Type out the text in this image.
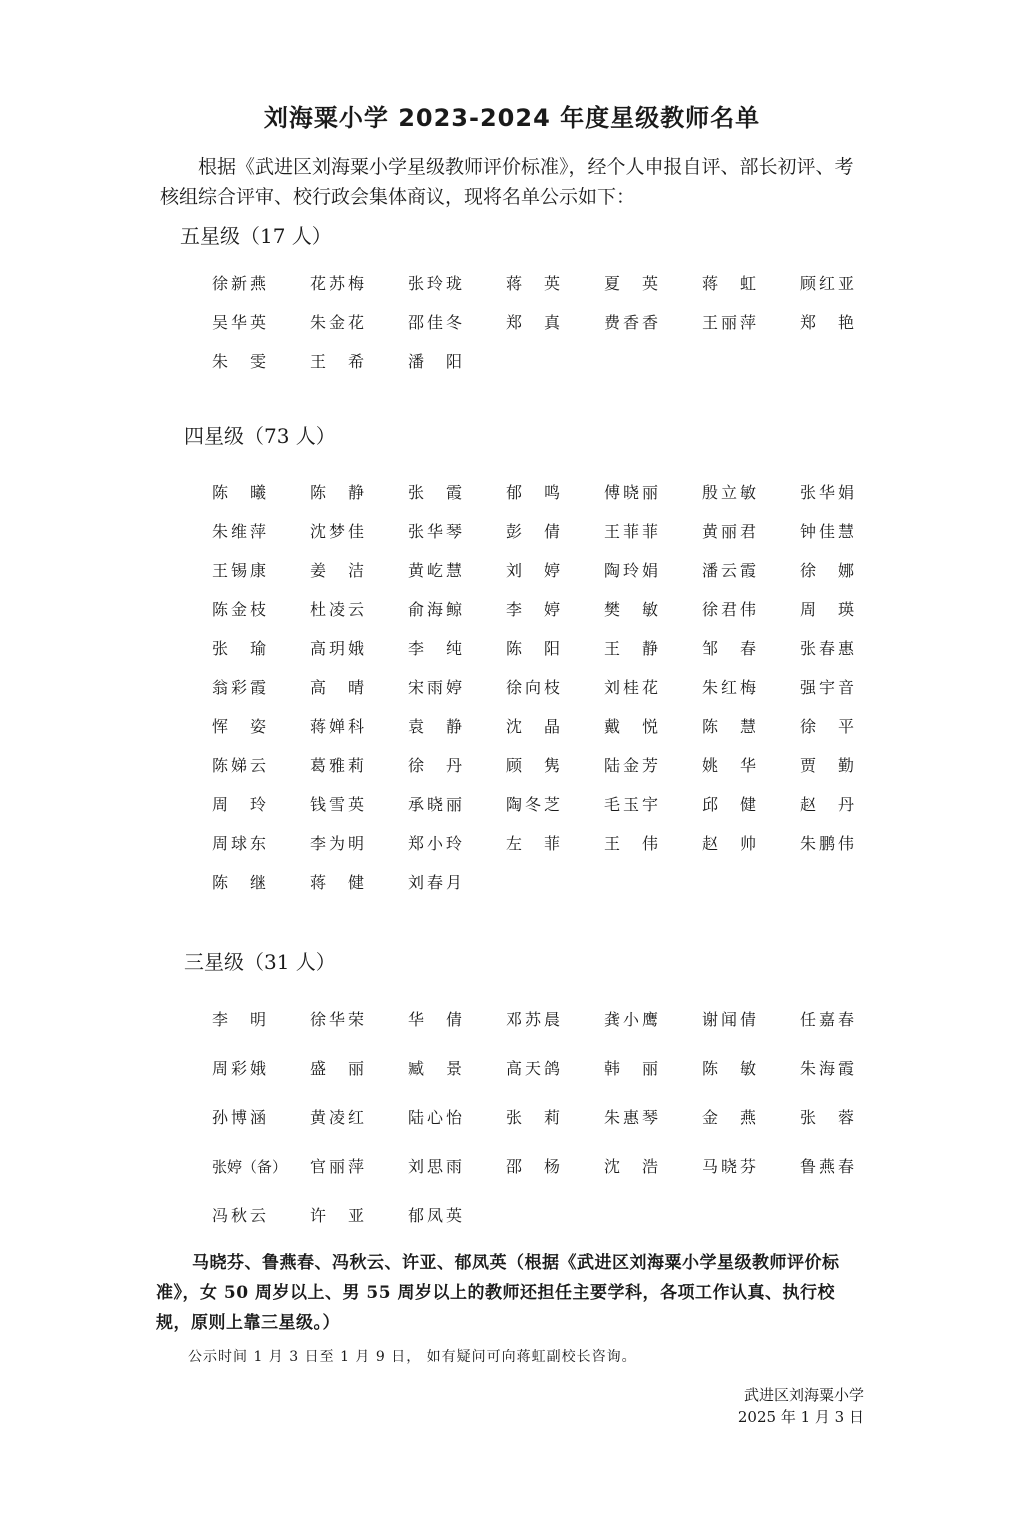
刘海粟小学 2023-2024 年度星级教师名单
根据《武进区刘海粟小学星级教师评价标准》，经个人申报自评、部长初评、考核组综合评审、校行政会集体商议，现将名单公示如下：
五星级（17 人）
徐新燕	花苏梅	张玲珑	蒋　英	夏　英	蒋　虹	顾红亚
吴华英	朱金花	邵佳冬	郑　真	费香香	王丽萍	郑　艳
朱　雯	王　希	潘　阳
四星级（73 人）
陈　曦	陈　静	张　霞	郁　鸣	傅晓丽	殷立敏	张华娟
朱维萍	沈梦佳	张华琴	彭　倩	王菲菲	黄丽君	钟佳慧
王锡康	姜　洁	黄屹慧	刘　婷	陶玲娟	潘云霞	徐　娜
陈金枝	杜凌云	俞海鲸	李　婷	樊　敏	徐君伟	周　瑛
张　瑜	高玥娥	李　纯	陈　阳	王　静	邹　春	张春惠
翁彩霞	高　晴	宋雨婷	徐向枝	刘桂花	朱红梅	强宇音
恽　姿	蒋婵科	袁　静	沈　晶	戴　悦	陈　慧	徐　平
陈娣云	葛雅莉	徐　丹	顾　隽	陆金芳	姚　华	贾　勤
周　玲	钱雪英	承晓丽	陶冬芝	毛玉宇	邱　健	赵　丹
周球东	李为明	郑小玲	左　菲	王　伟	赵　帅	朱鹏伟
陈　继	蒋　健	刘春月
三星级（31 人）
李　明	徐华荣	华　倩	邓苏晨	龚小鹰	谢闻倩	任嘉春
周彩娥	盛　丽	臧　景	高天鸽	韩　丽	陈　敏	朱海霞
孙博涵	黄凌红	陆心怡	张　莉	朱惠琴	金　燕	张　蓉
张婷（备）	官丽萍	刘思雨	邵　杨	沈　浩	马晓芬	鲁燕春
冯秋云	许　亚	郁凤英
马晓芬、鲁燕春、冯秋云、许亚、郁凤英（根据《武进区刘海粟小学星级教师评价标准》，女 50 周岁以上、男 55 周岁以上的教师还担任主要学科，各项工作认真、执行校规，原则上靠三星级。）
公示时间 1 月 3 日至 1 月 9 日， 如有疑问可向蒋虹副校长咨询。
武进区刘海粟小学
2025 年 1 月 3 日
